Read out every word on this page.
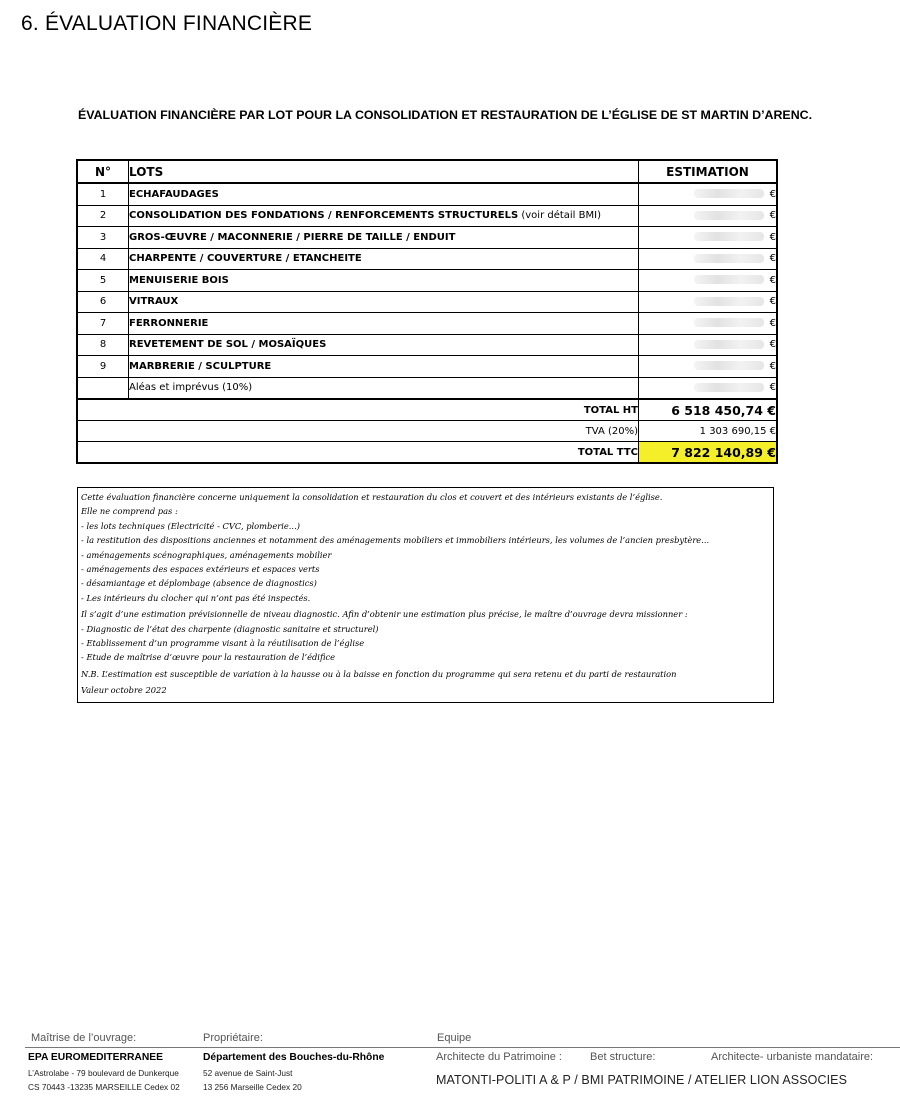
6. ÉVALUATION FINANCIÈRE
ÉVALUATION FINANCIÈRE PAR LOT POUR LA CONSOLIDATION ET RESTAURATION DE L’ÉGLISE DE ST MARTIN D’ARENC.
N°	LOTS	ESTIMATION
1	ECHAFAUDAGES	€
2	CONSOLIDATION DES FONDATIONS / RENFORCEMENTS STRUCTURELS (voir détail BMI)	€
3	GROS-ŒUVRE / MACONNERIE / PIERRE DE TAILLE / ENDUIT	€
4	CHARPENTE / COUVERTURE / ETANCHEITE	€
5	MENUISERIE BOIS	€
6	VITRAUX	€
7	FERRONNERIE	€
8	REVETEMENT DE SOL / MOSAÏQUES	€
9	MARBRERIE / SCULPTURE	€
	Aléas et imprévus (10%)	€
TOTAL HT		6 518 450,74 €
TVA (20%)		1 303 690,15 €
TOTAL TTC		7 822 140,89 €

Cette évaluation financière concerne uniquement la consolidation et restauration du clos et couvert et des intérieurs existants de l’église.

Elle ne comprend pas :

- les lots techniques (Electricité - CVC, plomberie...)

- la restitution des dispositions anciennes et notamment des aménagements mobiliers et immobiliers intérieurs, les volumes de l’ancien presbytère...

- aménagements scénographiques, aménagements mobilier

- aménagements des espaces extérieurs et espaces verts

- désamiantage et déplombage (absence de diagnostics)

- Les intérieurs du clocher qui n’ont pas été inspectés.

Il s’agit d’une estimation prévisionnelle de niveau diagnostic. Afin d’obtenir une estimation plus précise, le maître d’ouvrage devra missionner :

- Diagnostic de l’état des charpente (diagnostic sanitaire et structurel)

- Etablissement d’un programme visant à la réutilisation de l’église

- Etude de maîtrise d’œuvre pour la restauration de l’édifice

N.B. L’estimation est susceptible de variation à la hausse ou à la baisse en fonction du programme qui sera retenu et du parti de restauration

Valeur octobre 2022

Maîtrise de l’ouvrage:	Propriétaire:	Equipe
EPA EUROMEDITERRANEE
L’Astrolabe - 79 boulevard de Dunkerque
CS 70443 -13235 MARSEILLE Cedex 02
Département des Bouches-du-Rhône
52 avenue de Saint-Just
13 256 Marseille Cedex 20
Architecte du Patrimoine :	Bet structure:	Architecte- urbaniste mandataire:
MATONTI-POLITI A & P / BMI PATRIMOINE / ATELIER LION ASSOCIES
